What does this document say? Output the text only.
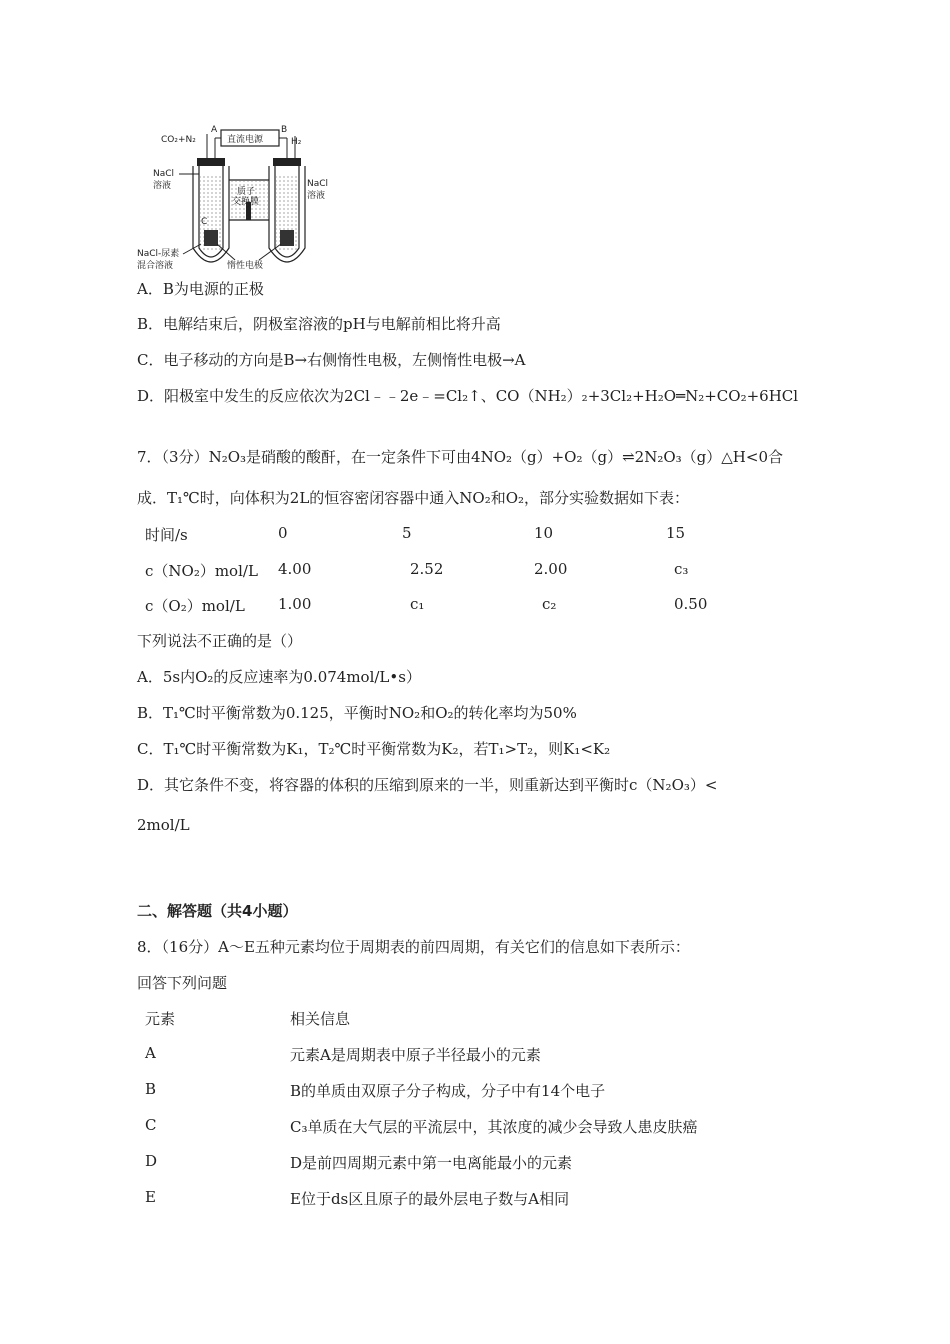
直流电源
A	B
CO₂+N₂	H₂
质子
交换膜
C
NaCl
溶液	NaCl
溶液
NaCl-尿素
混合溶液	惰性电极
A．B为电源的正极
B．电解结束后，阴极室溶液的pH与电解前相比将升高
C．电子移动的方向是B→右侧惰性电极，左侧惰性电极→A
D．阳极室中发生的反应依次为2Cl﹣﹣2e﹣=Cl₂↑、CO（NH₂）₂+3Cl₂+H₂O═N₂+CO₂+6HCl
7．（3分）N₂O₃是硝酸的酸酐，在一定条件下可由4NO₂（g）+O₂（g）⇌2N₂O₃（g）△H<0合
成．T₁℃时，向体积为2L的恒容密闭容器中通入NO₂和O₂，部分实验数据如下表：
时间/s	0	5	10	15
c（NO₂）mol/L 4.00	2.52	2.00	c₃
c（O₂）mol/L 1.00	c₁	c₂	0.50
下列说法不正确的是（）
A．5s内O₂的反应速率为0.074mol/L•s）
B．T₁℃时平衡常数为0.125，平衡时NO₂和O₂的转化率均为50%
C．T₁℃时平衡常数为K₁，T₂℃时平衡常数为K₂，若T₁>T₂，则K₁<K₂
D．其它条件不变，将容器的体积的压缩到原来的一半，则重新达到平衡时c（N₂O₃）<
2mol/L
二、解答题（共4小题）
8．（16分）A～E五种元素均位于周期表的前四周期，有关它们的信息如下表所示：
回答下列问题
元素	相关信息
A	元素A是周期表中原子半径最小的元素
B	B的单质由双原子分子构成，分子中有14个电子
C	C₃单质在大气层的平流层中，其浓度的减少会导致人患皮肤癌
D	D是前四周期元素中第一电离能最小的元素
E	E位于ds区且原子的最外层电子数与A相同
